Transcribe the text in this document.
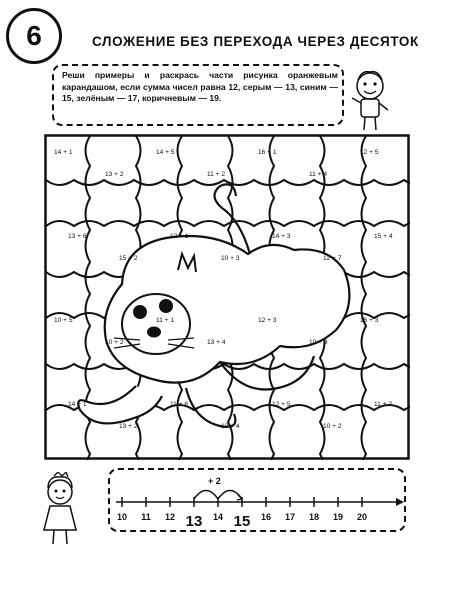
6	СЛОЖЕНИЕ БЕЗ ПЕРЕХОДА ЧЕРЕЗ ДЕСЯТОК
Реши примеры и раскрась части рисунка оранжевым карандашом, если сумма чисел равна 12, серым — 13, синим — 15, зелёным — 17, коричневым — 19.
14 + 1
13 + 2
14 + 5
11 + 2
16 + 1
11 + 4
12 + 5
13 + 6
15 + 2
12 + 1
10 + 3
14 + 3
12 + 7
15 + 4
10 + 5
10 + 2
11 + 1
13 + 4
12 + 3
10 + 9
16 + 3
14 + 1
13 + 2
11 + 6
13 + 4
12 + 5
10 + 2
11 + 2
+ 2
10 11 12 13 14 15 16 17 18 19 20
